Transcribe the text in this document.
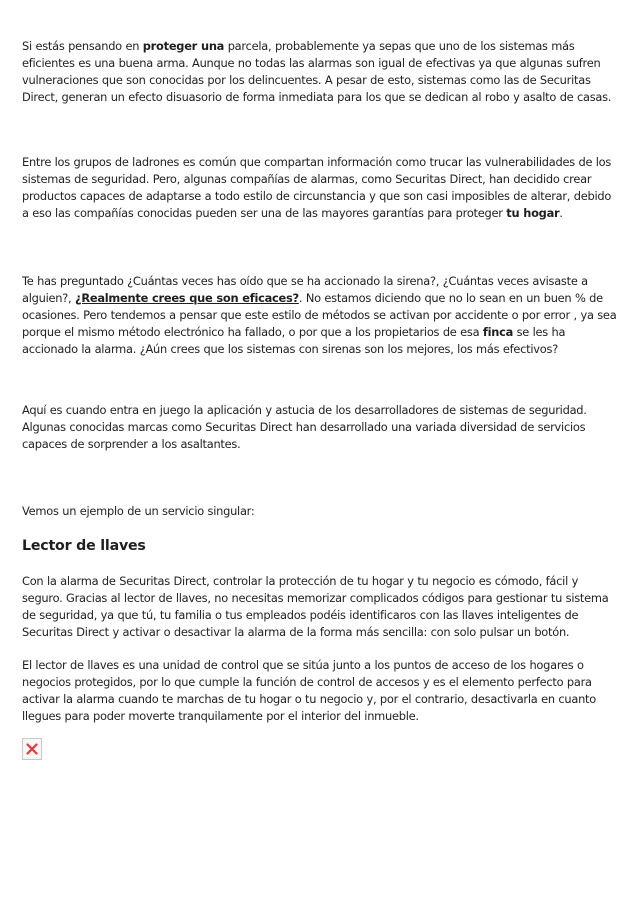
Si estás pensando en proteger una parcela, probablemente ya sepas que uno de los sistemas más eficientes es una buena arma. Aunque no todas las alarmas son igual de efectivas ya que algunas sufren vulneraciones que son conocidas por los delincuentes. A pesar de esto, sistemas como las de Securitas Direct, generan un efecto disuasorio de forma inmediata para los que se dedican al robo y asalto de casas.

Entre los grupos de ladrones es común que compartan información como trucar las vulnerabilidades de los sistemas de seguridad. Pero, algunas compañías de alarmas, como Securitas Direct, han decidido crear productos capaces de adaptarse a todo estilo de circunstancia y que son casi imposibles de alterar, debido a eso las compañías conocidas pueden ser una de las mayores garantías para proteger tu hogar.

Te has preguntado ¿Cuántas veces has oído que se ha accionado la sirena?, ¿Cuántas veces avisaste a alguien?, ¿Realmente crees que son eficaces?. No estamos diciendo que no lo sean en un buen % de ocasiones. Pero tendemos a pensar que este estilo de métodos se activan por accidente o por error , ya sea porque el mismo método electrónico ha fallado, o por que a los propietarios de esa finca se les ha accionado la alarma. ¿Aún crees que los sistemas con sirenas son los mejores, los más efectivos?

Aquí es cuando entra en juego la aplicación y astucia de los desarrolladores de sistemas de seguridad. Algunas conocidas marcas como Securitas Direct han desarrollado una variada diversidad de servicios capaces de sorprender a los asaltantes.

Vemos un ejemplo de un servicio singular:

Lector de llaves

Con la alarma de Securitas Direct, controlar la protección de tu hogar y tu negocio es cómodo, fácil y seguro. Gracias al lector de llaves, no necesitas memorizar complicados códigos para gestionar tu sistema de seguridad, ya que tú, tu familia o tus empleados podéis identificaros con las llaves inteligentes de Securitas Direct y activar o desactivar la alarma de la forma más sencilla: con solo pulsar un botón.

El lector de llaves es una unidad de control que se sitúa junto a los puntos de acceso de los hogares o negocios protegidos, por lo que cumple la función de control de accesos y es el elemento perfecto para activar la alarma cuando te marchas de tu hogar o tu negocio y, por el contrario, desactivarla en cuanto llegues para poder moverte tranquilamente por el interior del inmueble.
